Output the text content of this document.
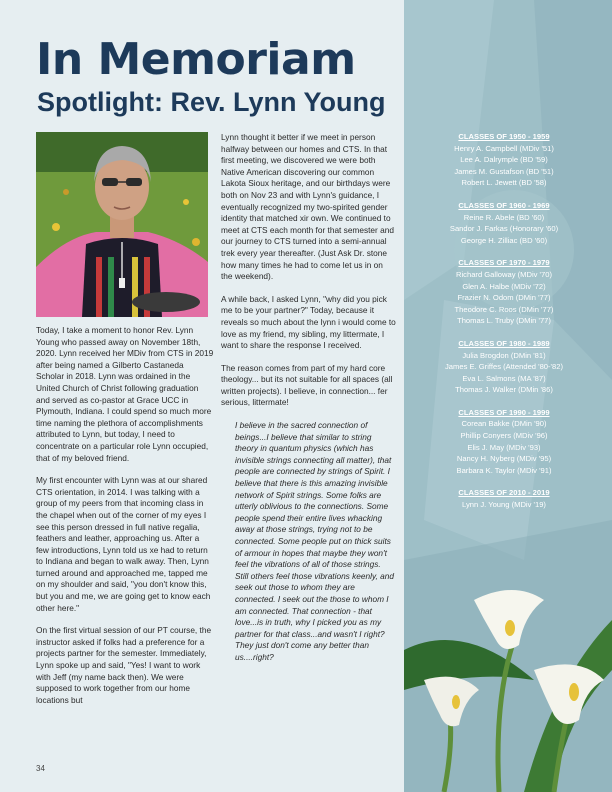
In Memoriam
Spotlight: Rev. Lynn Young

Today, I take a moment to honor Rev. Lynn Young who passed away on November 18th, 2020. Lynn received her MDiv from CTS in 2019 after being named a Gilberto Castaneda Scholar in 2018. Lynn was ordained in the United Church of Christ following graduation and served as co-pastor at Grace UCC in Plymouth, Indiana. I could spend so much more time naming the plethora of accomplishments attributed to Lynn, but today, I need to concentrate on a particular role Lynn occupied, that of my beloved friend.

My first encounter with Lynn was at our shared CTS orientation, in 2014. I was talking with a group of my peers from that incoming class in the chapel when out of the corner of my eyes I see this person dressed in full native regalia, feathers and leather, approaching us. After a few introductions, Lynn told us xe had to return to Indiana and began to walk away. Then, Lynn turned around and approached me, tapped me on my shoulder and said, "you don't know this, but you and me, we are going get to know each other here."

On the first virtual session of our PT course, the instructor asked if folks had a preference for a projects partner for the semester. Immediately, Lynn spoke up and said, "Yes! I want to work with Jeff (my name back then). We were supposed to work together from our home locations but

Lynn thought it better if we meet in person halfway between our homes and CTS. In that first meeting, we discovered we were both Native American discovering our common Lakota Sioux heritage, and our birthdays were both on Nov 23 and with Lynn's guidance, I eventually recognized my two-spirited gender identity that matched xir own. We continued to meet at CTS each month for that semester and our journey to CTS turned into a semi-annual trek every year thereafter. (Just Ask Dr. stone how many times he had to come let us in on the weekend).

A while back, I asked Lynn, "why did you pick me to be your partner?" Today, because it reveals so much about the lynn i would come to love as my friend, my sibling, my littermate, I want to share the response I received.

The reason comes from part of my hard core theology... but its not suitable for all spaces (all written projects). I believe, in connection... fer serious, littermate!

I believe in the sacred connection of beings...I believe that similar to string theory in quantum physics (which has invisible strings connecting all matter), that people are connected by strings of Spirit. I believe that there is this amazing invisible network of Spirit strings. Some folks are utterly oblivious to the connections. Some people spend their entire lives whacking away at those strings, trying not to be connected. Some people put on thick suits of armour in hopes that maybe they won't feel the vibrations of all of those strings. Still others feel those vibrations keenly, and seek out those to whom they are connected. I seek out the those to whom I am connected. That connection - that love...is in truth, why I picked you as my partner for that class...and wasn't I right? They just don't come any better than us....right?

34
CLASSES OF 1950 - 1959
Henry A. Campbell (MDiv '51)
Lee A. Dalrymple (BD '59)
James M. Gustafson (BD '51)
Robert L. Jewett (BD '58)
CLASSES OF 1960 - 1969
Reine R. Abele (BD '60)
Sandor J. Farkas (Honorary '60)
George H. Zilliac (BD '60)
CLASSES OF 1970 - 1979
Richard Galloway (MDiv '70)
Glen A. Halbe (MDiv '72)
Frazier N. Odom (DMin '77)
Theodore C. Roos (DMin '77)
Thomas L. Truby (DMin '77)
CLASSES OF 1980 - 1989
Julia Brogdon (DMin '81)
James E. Griffes (Attended '80-'82)
Eva L. Salmons (MA '87)
Thomas J. Walker (DMin '86)
CLASSES OF 1990 - 1999
Corean Bakke (DMin '90)
Phillip Conyers (MDiv '96)
Elis J. May (MDiv '93)
Nancy H. Nyberg (MDiv '95)
Barbara K. Taylor (MDiv '91)
CLASSES OF 2010 - 2019
Lynn J. Young (MDiv '19)
